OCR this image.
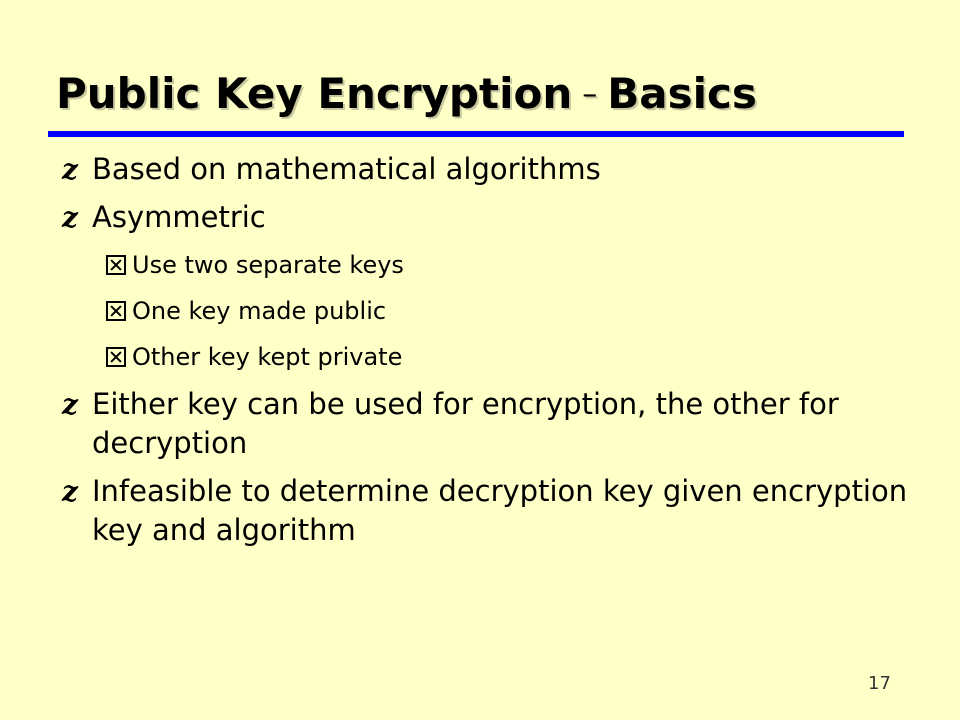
Public Key Encryption – Basics
z Based on mathematical algorithms
z Asymmetric
Use two separate keys
One key made public
Other key kept private
z Either key can be used for encryption, the other for decryption
z Infeasible to determine decryption key given encryption key and algorithm
17
